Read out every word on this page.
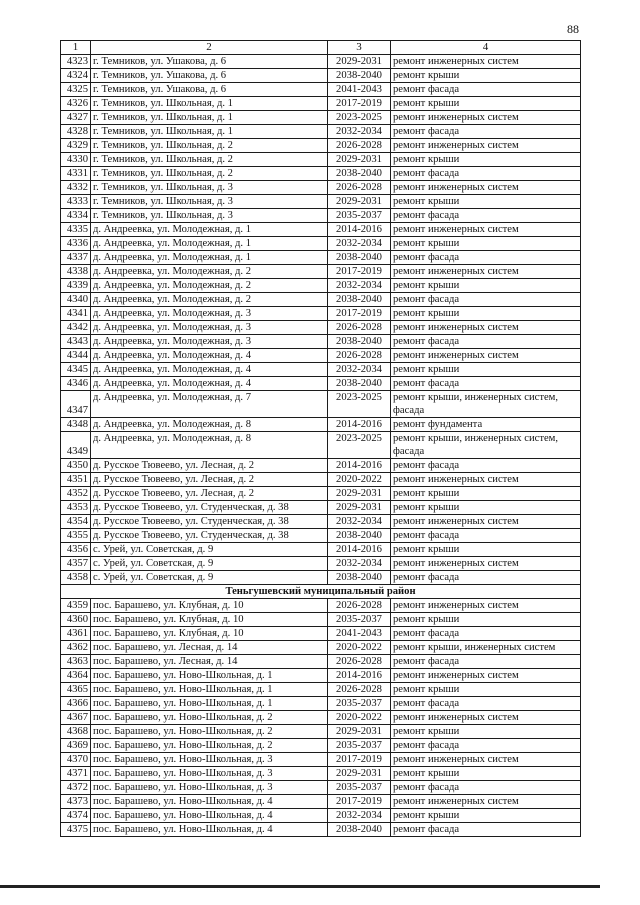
88
1	2	3	4
4323	г. Темников, ул. Ушакова, д. 6	2029-2031	ремонт инженерных систем
4324	г. Темников, ул. Ушакова, д. 6	2038-2040	ремонт крыши
4325	г. Темников, ул. Ушакова, д. 6	2041-2043	ремонт фасада
4326	г. Темников, ул. Школьная, д. 1	2017-2019	ремонт крыши
4327	г. Темников, ул. Школьная, д. 1	2023-2025	ремонт инженерных систем
4328	г. Темников, ул. Школьная, д. 1	2032-2034	ремонт фасада
4329	г. Темников, ул. Школьная, д. 2	2026-2028	ремонт инженерных систем
4330	г. Темников, ул. Школьная, д. 2	2029-2031	ремонт крыши
4331	г. Темников, ул. Школьная, д. 2	2038-2040	ремонт фасада
4332	г. Темников, ул. Школьная, д. 3	2026-2028	ремонт инженерных систем
4333	г. Темников, ул. Школьная, д. 3	2029-2031	ремонт крыши
4334	г. Темников, ул. Школьная, д. 3	2035-2037	ремонт фасада
4335	д. Андреевка, ул. Молодежная, д. 1	2014-2016	ремонт инженерных систем
4336	д. Андреевка, ул. Молодежная, д. 1	2032-2034	ремонт крыши
4337	д. Андреевка, ул. Молодежная, д. 1	2038-2040	ремонт фасада
4338	д. Андреевка, ул. Молодежная, д. 2	2017-2019	ремонт инженерных систем
4339	д. Андреевка, ул. Молодежная, д. 2	2032-2034	ремонт крыши
4340	д. Андреевка, ул. Молодежная, д. 2	2038-2040	ремонт фасада
4341	д. Андреевка, ул. Молодежная, д. 3	2017-2019	ремонт крыши
4342	д. Андреевка, ул. Молодежная, д. 3	2026-2028	ремонт инженерных систем
4343	д. Андреевка, ул. Молодежная, д. 3	2038-2040	ремонт фасада
4344	д. Андреевка, ул. Молодежная, д. 4	2026-2028	ремонт инженерных систем
4345	д. Андреевка, ул. Молодежная, д. 4	2032-2034	ремонт крыши
4346	д. Андреевка, ул. Молодежная, д. 4	2038-2040	ремонт фасада
4347	д. Андреевка, ул. Молодежная, д. 7	2023-2025	ремонт крыши, инженерных систем, фасада
4348	д. Андреевка, ул. Молодежная, д. 8	2014-2016	ремонт фундамента
4349	д. Андреевка, ул. Молодежная, д. 8	2023-2025	ремонт крыши, инженерных систем, фасада
4350	д. Русское Тювеево, ул. Лесная, д. 2	2014-2016	ремонт фасада
4351	д. Русское Тювеево, ул. Лесная, д. 2	2020-2022	ремонт инженерных систем
4352	д. Русское Тювеево, ул. Лесная, д. 2	2029-2031	ремонт крыши
4353	д. Русское Тювеево, ул. Студенческая, д. 38	2029-2031	ремонт крыши
4354	д. Русское Тювеево, ул. Студенческая, д. 38	2032-2034	ремонт инженерных систем
4355	д. Русское Тювеево, ул. Студенческая, д. 38	2038-2040	ремонт фасада
4356	с. Урей, ул. Советская, д. 9	2014-2016	ремонт крыши
4357	с. Урей, ул. Советская, д. 9	2032-2034	ремонт инженерных систем
4358	с. Урей, ул. Советская, д. 9	2038-2040	ремонт фасада
Теньгушевский муниципальный район			
4359	пос. Барашево, ул. Клубная, д. 10	2026-2028	ремонт инженерных систем
4360	пос. Барашево, ул. Клубная, д. 10	2035-2037	ремонт крыши
4361	пос. Барашево, ул. Клубная, д. 10	2041-2043	ремонт фасада
4362	пос. Барашево, ул. Лесная, д. 14	2020-2022	ремонт крыши, инженерных систем
4363	пос. Барашево, ул. Лесная, д. 14	2026-2028	ремонт фасада
4364	пос. Барашево, ул. Ново-Школьная, д. 1	2014-2016	ремонт инженерных систем
4365	пос. Барашево, ул. Ново-Школьная, д. 1	2026-2028	ремонт крыши
4366	пос. Барашево, ул. Ново-Школьная, д. 1	2035-2037	ремонт фасада
4367	пос. Барашево, ул. Ново-Школьная, д. 2	2020-2022	ремонт инженерных систем
4368	пос. Барашево, ул. Ново-Школьная, д. 2	2029-2031	ремонт крыши
4369	пос. Барашево, ул. Ново-Школьная, д. 2	2035-2037	ремонт фасада
4370	пос. Барашево, ул. Ново-Школьная, д. 3	2017-2019	ремонт инженерных систем
4371	пос. Барашево, ул. Ново-Школьная, д. 3	2029-2031	ремонт крыши
4372	пос. Барашево, ул. Ново-Школьная, д. 3	2035-2037	ремонт фасада
4373	пос. Барашево, ул. Ново-Школьная, д. 4	2017-2019	ремонт инженерных систем
4374	пос. Барашево, ул. Ново-Школьная, д. 4	2032-2034	ремонт крыши
4375	пос. Барашево, ул. Ново-Школьная, д. 4	2038-2040	ремонт фасада
